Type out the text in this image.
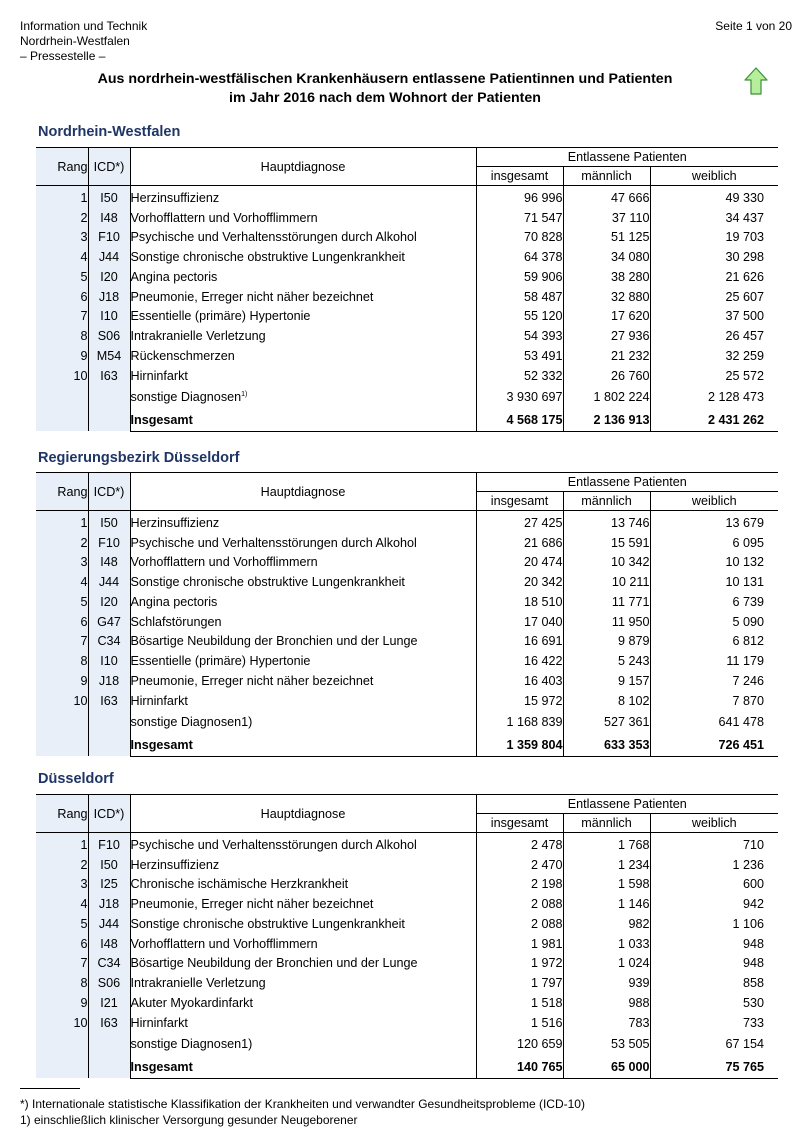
Information und Technik
Nordrhein-Westfalen
– Pressestelle –
Seite 1 von 20
Aus nordrhein-westfälischen Krankenhäusern entlassene Patientinnen und Patienten
im Jahr 2016 nach dem Wohnort der Patienten
Nordrhein-Westfalen
Rang	ICD*)	Hauptdiagnose	Entlassene Patienten		
			insgesamt	männlich	weiblich
1	I50	Herzinsuffizienz	96 996	47 666	49 330
2	I48	Vorhofflattern und Vorhofflimmern	71 547	37 110	34 437
3	F10	Psychische und Verhaltensstörungen durch Alkohol	70 828	51 125	19 703
4	J44	Sonstige chronische obstruktive Lungenkrankheit	64 378	34 080	30 298
5	I20	Angina pectoris	59 906	38 280	21 626
6	J18	Pneumonie, Erreger nicht näher bezeichnet	58 487	32 880	25 607
7	I10	Essentielle (primäre) Hypertonie	55 120	17 620	37 500
8	S06	Intrakranielle Verletzung	54 393	27 936	26 457
9	M54	Rückenschmerzen	53 491	21 232	32 259
10	I63	Hirninfarkt	52 332	26 760	25 572
		sonstige Diagnosen$^{1)}$	3 930 697	1 802 224	2 128 473
		Insgesamt	4 568 175	2 136 913	2 431 262
Regierungsbezirk Düsseldorf
Rang	ICD*)	Hauptdiagnose	Entlassene Patienten		
			insgesamt	männlich	weiblich
1	I50	Herzinsuffizienz	27 425	13 746	13 679
2	F10	Psychische und Verhaltensstörungen durch Alkohol	21 686	15 591	6 095
3	I48	Vorhofflattern und Vorhofflimmern	20 474	10 342	10 132
4	J44	Sonstige chronische obstruktive Lungenkrankheit	20 342	10 211	10 131
5	I20	Angina pectoris	18 510	11 771	6 739
6	G47	Schlafstörungen	17 040	11 950	5 090
7	C34	Bösartige Neubildung der Bronchien und der Lunge	16 691	9 879	6 812
8	I10	Essentielle (primäre) Hypertonie	16 422	5 243	11 179
9	J18	Pneumonie, Erreger nicht näher bezeichnet	16 403	9 157	7 246
10	I63	Hirninfarkt	15 972	8 102	7 870
		sonstige Diagnosen1)	1 168 839	527 361	641 478
		Insgesamt	1 359 804	633 353	726 451
Düsseldorf
Rang	ICD*)	Hauptdiagnose	Entlassene Patienten		
			insgesamt	männlich	weiblich
1	F10	Psychische und Verhaltensstörungen durch Alkohol	2 478	1 768	710
2	I50	Herzinsuffizienz	2 470	1 234	1 236
3	I25	Chronische ischämische Herzkrankheit	2 198	1 598	600
4	J18	Pneumonie, Erreger nicht näher bezeichnet	2 088	1 146	942
5	J44	Sonstige chronische obstruktive Lungenkrankheit	2 088	982	1 106
6	I48	Vorhofflattern und Vorhofflimmern	1 981	1 033	948
7	C34	Bösartige Neubildung der Bronchien und der Lunge	1 972	1 024	948
8	S06	Intrakranielle Verletzung	1 797	939	858
9	I21	Akuter Myokardinfarkt	1 518	988	530
10	I63	Hirninfarkt	1 516	783	733
		sonstige Diagnosen1)	120 659	53 505	67 154
		Insgesamt	140 765	65 000	75 765
*) Internationale statistische Klassifikation der Krankheiten und verwandter Gesundheitsprobleme (ICD-10)
1) einschließlich klinischer Versorgung gesunder Neugeborener
